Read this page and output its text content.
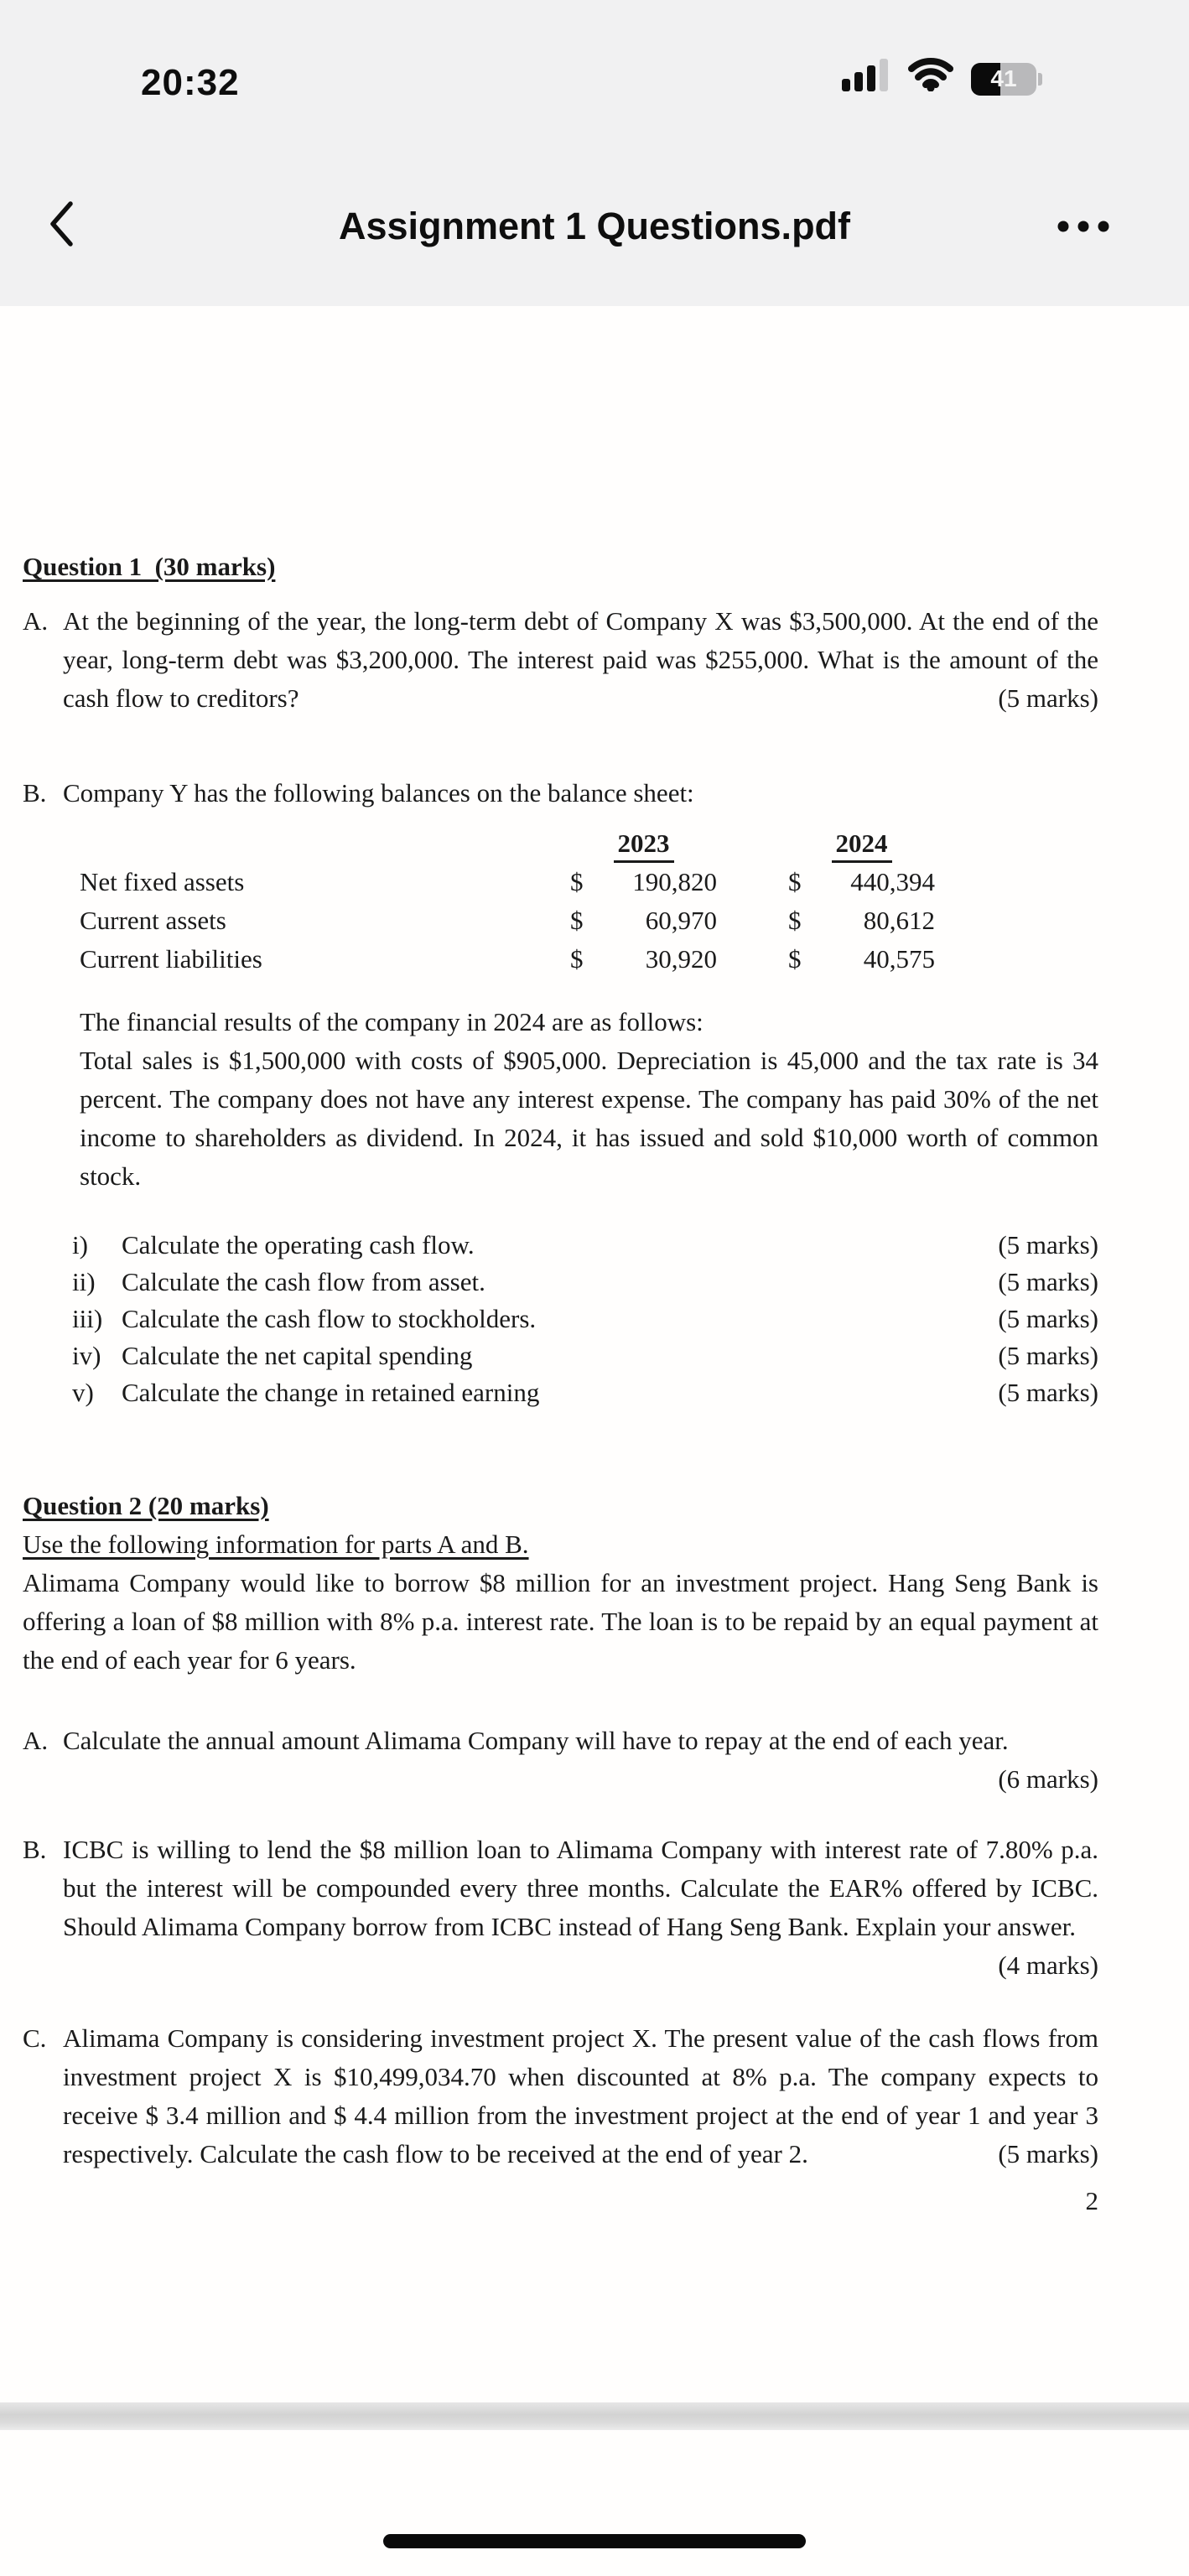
20:32	41
Assignment 1 Questions.pdf
Question 1  (30 marks)
A. At the beginning of the year, the long-term debt of Company X was $3,500,000. At the end of the year, long-term debt was $3,200,000. The interest paid was $255,000. What is the amount of the cash flow to creditors?	(5 marks)
B. Company Y has the following balances on the balance sheet:
2023	2024
Net fixed assets	$	190,820	$	440,394
Current assets	$	60,970	$	80,612
Current liabilities	$	30,920	$	40,575
The financial results of the company in 2024 are as follows:
Total sales is $1,500,000 with costs of $905,000. Depreciation is 45,000 and the tax rate is 34 percent. The company does not have any interest expense. The company has paid 30% of the net income to shareholders as dividend. In 2024, it has issued and sold $10,000 worth of common stock.
i)	Calculate the operating cash flow.	(5 marks)
ii)	Calculate the cash flow from asset.	(5 marks)
iii) Calculate the cash flow to stockholders.	(5 marks)
iv) Calculate the net capital spending	(5 marks)
v)	Calculate the change in retained earning	(5 marks)
Question 2 (20 marks)
Use the following information for parts A and B.
Alimama Company would like to borrow $8 million for an investment project. Hang Seng Bank is offering a loan of $8 million with 8% p.a. interest rate. The loan is to be repaid by an equal payment at the end of each year for 6 years.
A. Calculate the annual amount Alimama Company will have to repay at the end of each year.
(6 marks)
B. ICBC is willing to lend the $8 million loan to Alimama Company with interest rate of 7.80% p.a. but the interest will be compounded every three months. Calculate the EAR% offered by ICBC. Should Alimama Company borrow from ICBC instead of Hang Seng Bank. Explain your answer.
(4 marks)
C. Alimama Company is considering investment project X. The present value of the cash flows from investment project X is $10,499,034.70 when discounted at 8% p.a. The company expects to receive $ 3.4 million and $ 4.4 million from the investment project at the end of year 1 and year 3 respectively. Calculate the cash flow to be received at the end of year 2.	(5 marks)
2
